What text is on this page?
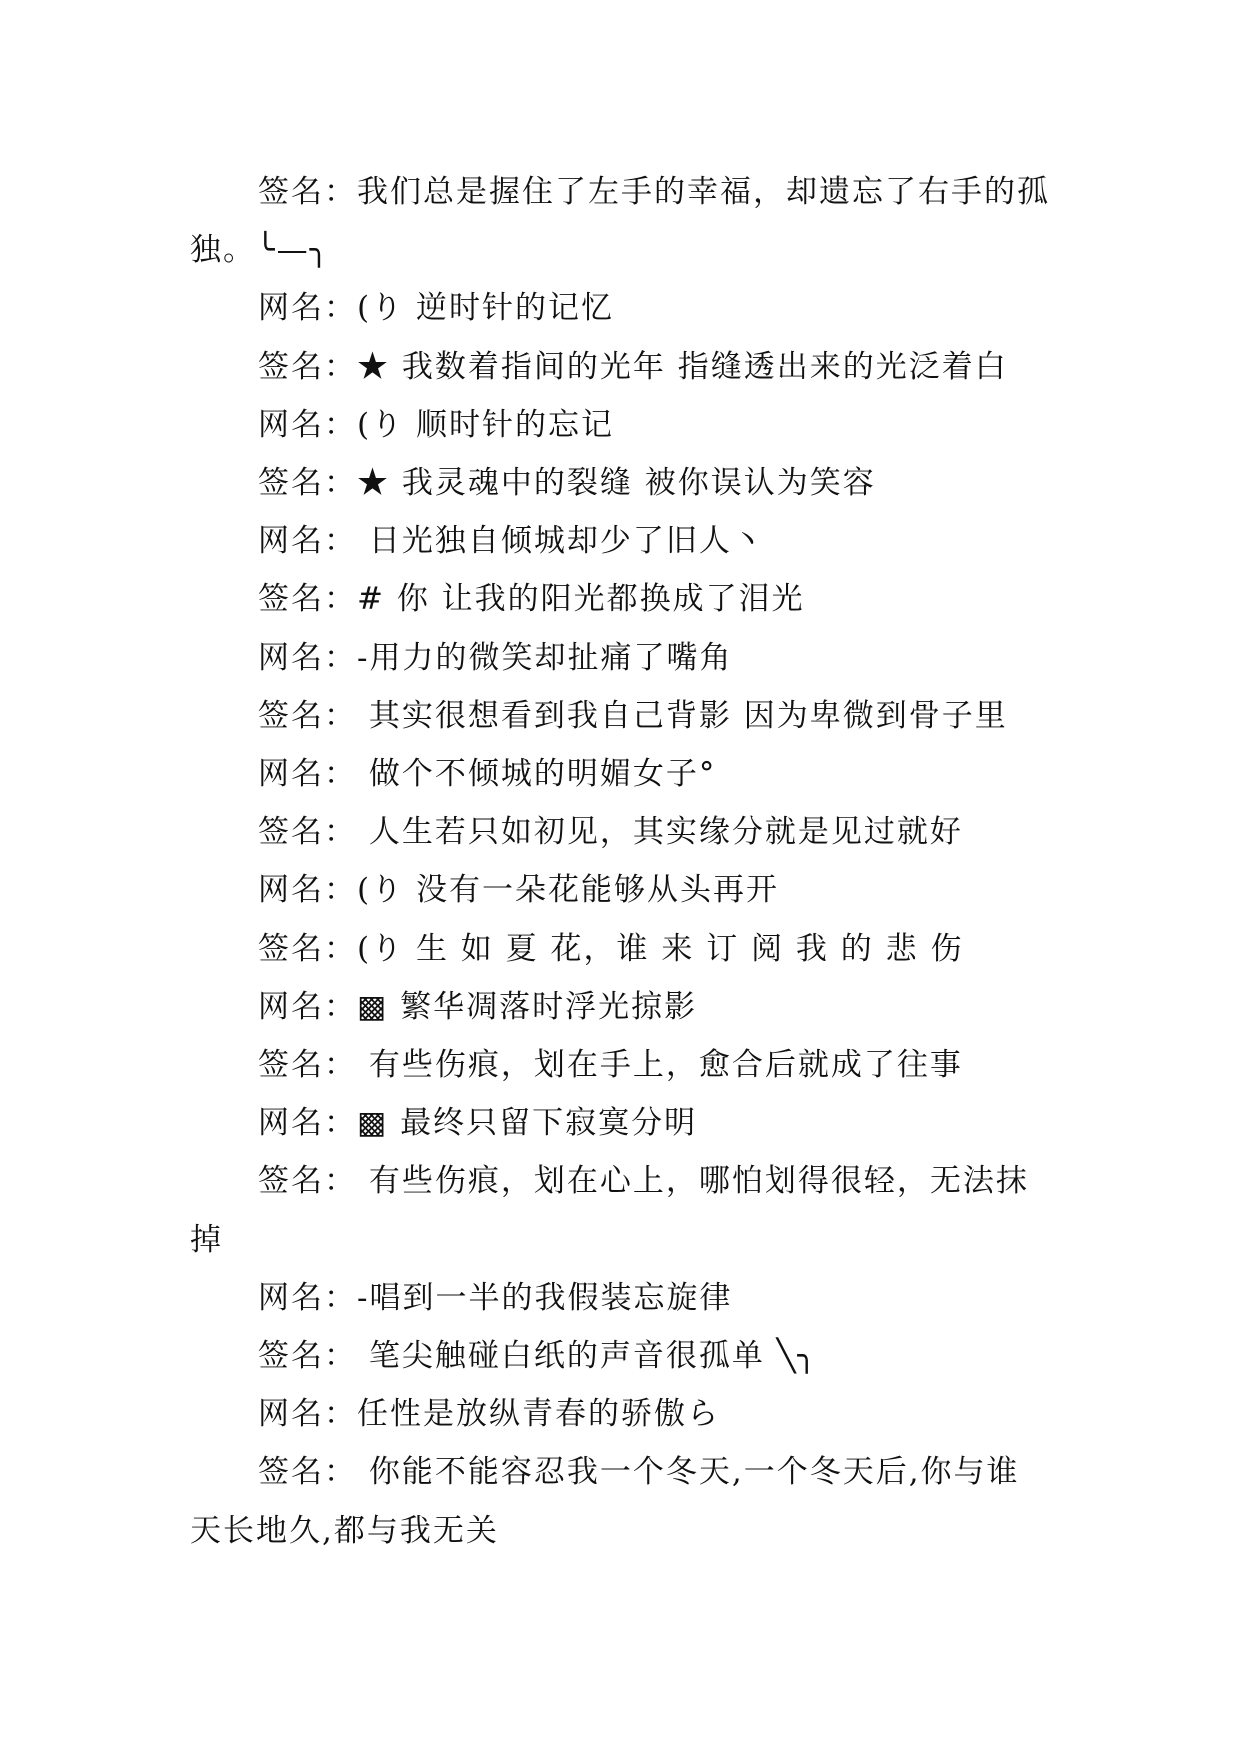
签名：我们总是握住了左手的幸福，却遗忘了右手的孤独。╰—╮

网名：(り 逆时针的记忆

签名：★ 我数着指间的光年 指缝透出来的光泛着白

网名：(り 顺时针的忘记

签名：★ 我灵魂中的裂缝 被你误认为笑容

网名： 日光独自倾城却少了旧人丶

签名：# 你 让我的阳光都换成了泪光

网名：-用力的微笑却扯痛了嘴角

签名： 其实很想看到我自己背影 因为卑微到骨子里

网名： 做个不倾城的明媚女子°

签名： 人生若只如初见，其实缘分就是见过就好

网名：(り 没有一朵花能够从头再开

签名：(り 生 如 夏 花，谁 来 订 阅 我 的 悲 伤

网名：▩ 繁华凋落时浮光掠影

签名： 有些伤痕，划在手上，愈合后就成了往事

网名：▩ 最终只留下寂寞分明

签名： 有些伤痕，划在心上，哪怕划得很轻，无法抹掉

网名：-唱到一半的我假装忘旋律

签名： 笔尖触碰白纸的声音很孤单 ╲╮

网名：任性是放纵青春的骄傲ら

签名： 你能不能容忍我一个冬天,一个冬天后,你与谁天长地久,都与我无关
